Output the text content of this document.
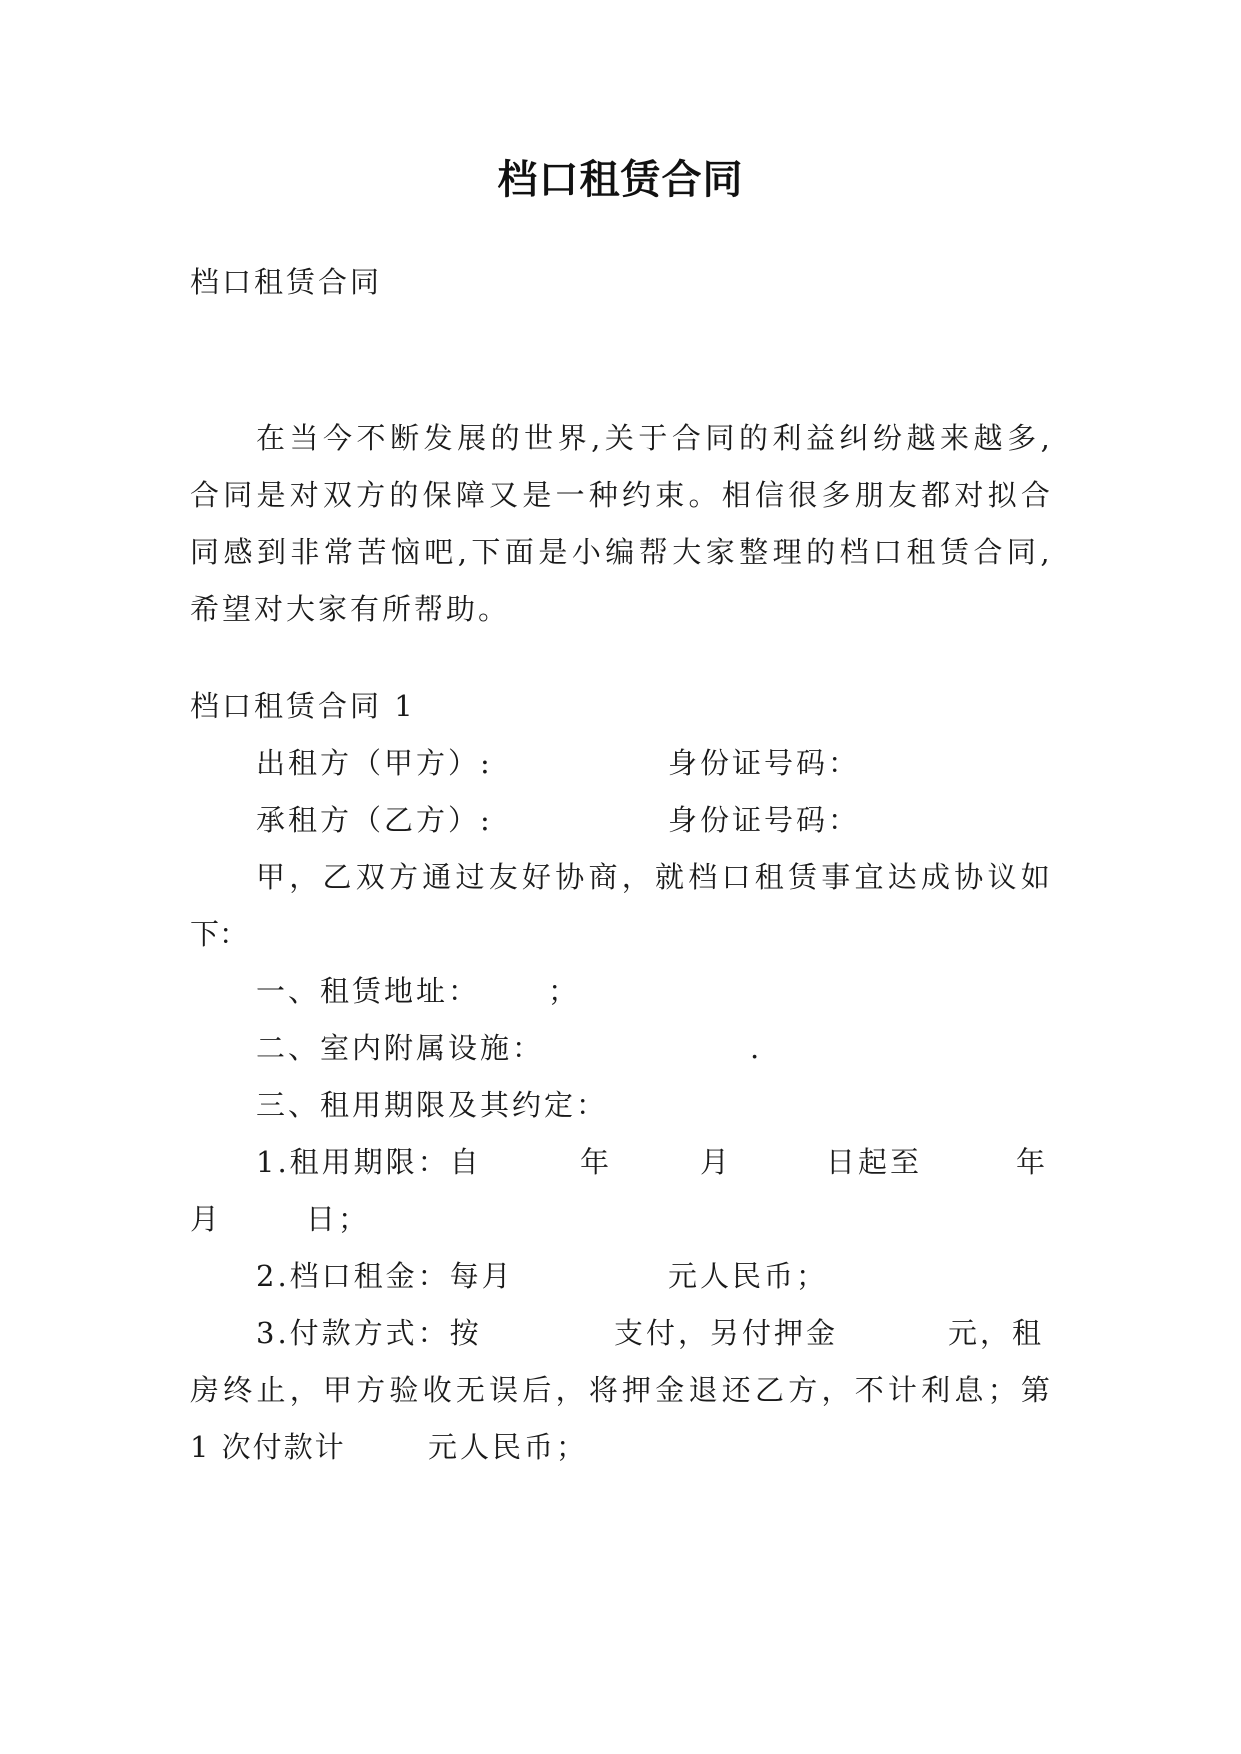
档口租赁合同
档口租赁合同
在 当 今 不 断 发 展 的 世 界 , 关 于 合 同 的 利 益 纠 纷 越 来 越 多 ,
合 同 是 对 双 方 的 保 障 又 是 一 种 约 束 。 相 信 很 多 朋 友 都 对 拟 合
同 感 到 非 常 苦 恼 吧 , 下 面 是 小 编 帮 大 家 整 理 的 档 口 租 赁 合 同 ,
希望对大家有所帮助。
档口租赁合同 1
出租方（甲方）:	身份证号码：
承租方（乙方）:	身份证号码：
甲 ， 乙 双 方 通 过 友 好 协 商 ， 就 档 口 租 赁 事 宜 达 成 协 议 如
下：
一、租赁地址： ；
二、室内附属设施：	.
三、租用期限及其约定：
1.租用期限：自	年	月	日起至	年
月	日；
2.档口租金：每月	元人民币；
3.付款方式：按	支付，另付押金	元，租
房 终 止 ， 甲 方 验 收 无 误 后 ， 将 押 金 退 还 乙 方 ， 不 计 利 息 ； 第
1 次付款计	元人民币；
